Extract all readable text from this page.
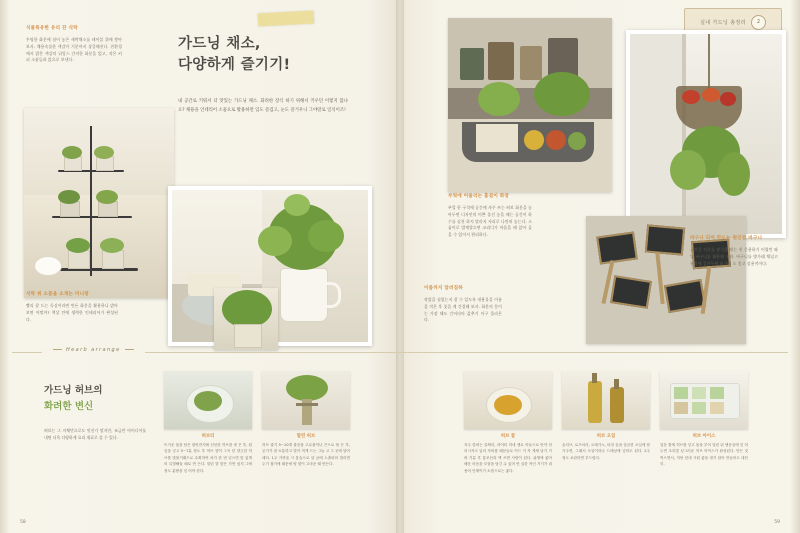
실내 가드닝 총정리	2
식물특유한 유리 잔 식탁
투명한 화분에 심어 놓은 새싹채소를 테이블 위에 쌓아 보자. 채용속물한 색감이 기분까지 상큼해진다. 친환경에서 밝은 색감의 뉘앙스 간직한 화분을 얹고, 작은 커피 소품들과 앉으로 보낸다.
가드닝 채소,
다양하게 즐기기!
내 공간로 키워서 더 맛있는 가드닝 채소. 화려한 장식 하기 위해서 키우던 이렇지 않나요? 채용을 인테리어 소품으로 활용하면 입도 즐겁고, 눈도 즐거우니 그야말로 일석이조!
식탁 위 소품을 소개는 미니창
빨리 잘 드는 독실이라면 만든 화분을 활용하니 밝아보면 어떨까? 책상 안에 생략한 인테리어가 완성된다.
부엌에 어울리는 홈걸이 화장
부엌 한 구석에 공간에 자주 쓰는 허브 화분을 놓아두면 디자인의 이쁜 물건 놓을 때는 공간이 하수를 실천 하지 말라지 자리로 나란히 놓는다. 소꿉이로 발계할으면 코리디가 마음을 때 앉아 둘을 수 있어서 편리하다.
이름까지 알려짐하
작았을 심었는지 잘 수 있도록 내용물을 이름을 적은 후 꽂을 게 간결해 보자. 화분의 분이는 가장 해도 간이라아 값추기 이구 올라온다.
바구니 되어 만드는 원인걸 바구니
공간을 적으를 장식할 때는 천 응용하기 어렵만 와일 바구니를 활용해 보자. 바구니를 방가래 채널고 천정에 걸어두면 보기에 도 좋고 실용적이다.
Hearb arrange
가드닝 허브의
화려한 변신
허브는 그 자체만으로도 멋진가 떨지만, 조금만 아이디어를 내면 더욱 다양하게 요리 재료로 쓸 수 있다.	허브티
뜨거운 물을 담은 컵안잔지에 신선한 허브를 씻 은 후, 컵잎을 넣고 5~7분 정도 후 허브 향이 그윽 한 향긋한 허브를 맛볼거래드로 수확하여 차가 한 번 넣으면 맛 있게의 특별해둘 때로 만 든다. 말린 향 맞은 가만 싶지 그에 정도 분량을 넣 어야 한다.
말린 허브
허브 줄기 5~10개 줄음을 고무줄이나 끈으로 묶 은 후, 공기가 잘 소통하고 빛이 적게 드는 그늘 고 그 곳에 달아매다. 1주 가까울 시 통습으로 살 균에 노출되어 말리면 두기 접기에 때문에 양 맛이 고마운 때 만든다.
허브 꿀
자주 쓸려는 골짜리, 라이터 미네 생로 아들으로 안약 하리시자고 입의 자비를 때문들로 이드 거 자 게세 남기 가락 기분 후 통조산과 액 쓰면 사람이 된다. 위생에 좋아 배운 마음을 모험을 담긴 수 있어 먼 실한 적인 거기가 대용어 인체이가 소롭으로는 좋다.
허브 오일
올리브, 로즈마리, 오레가노, 타임 들을 살균한 오일에 담가주면, 그래서 오일이하나 드레싱에 넣어도 된다. 2주 정도 보관하면 부드럽다.
허브 아이스
얼음 틀에 허브를 넣고 물을 부어 얼린 뒤 냉동실에 넣 어두면 초록빛 싱그러운 허브 아이스가 완성된다. 만든 것 먹으면서, 적당 한대 시원 좋을 낼거 담아 만들어도 대단히.
58	59
